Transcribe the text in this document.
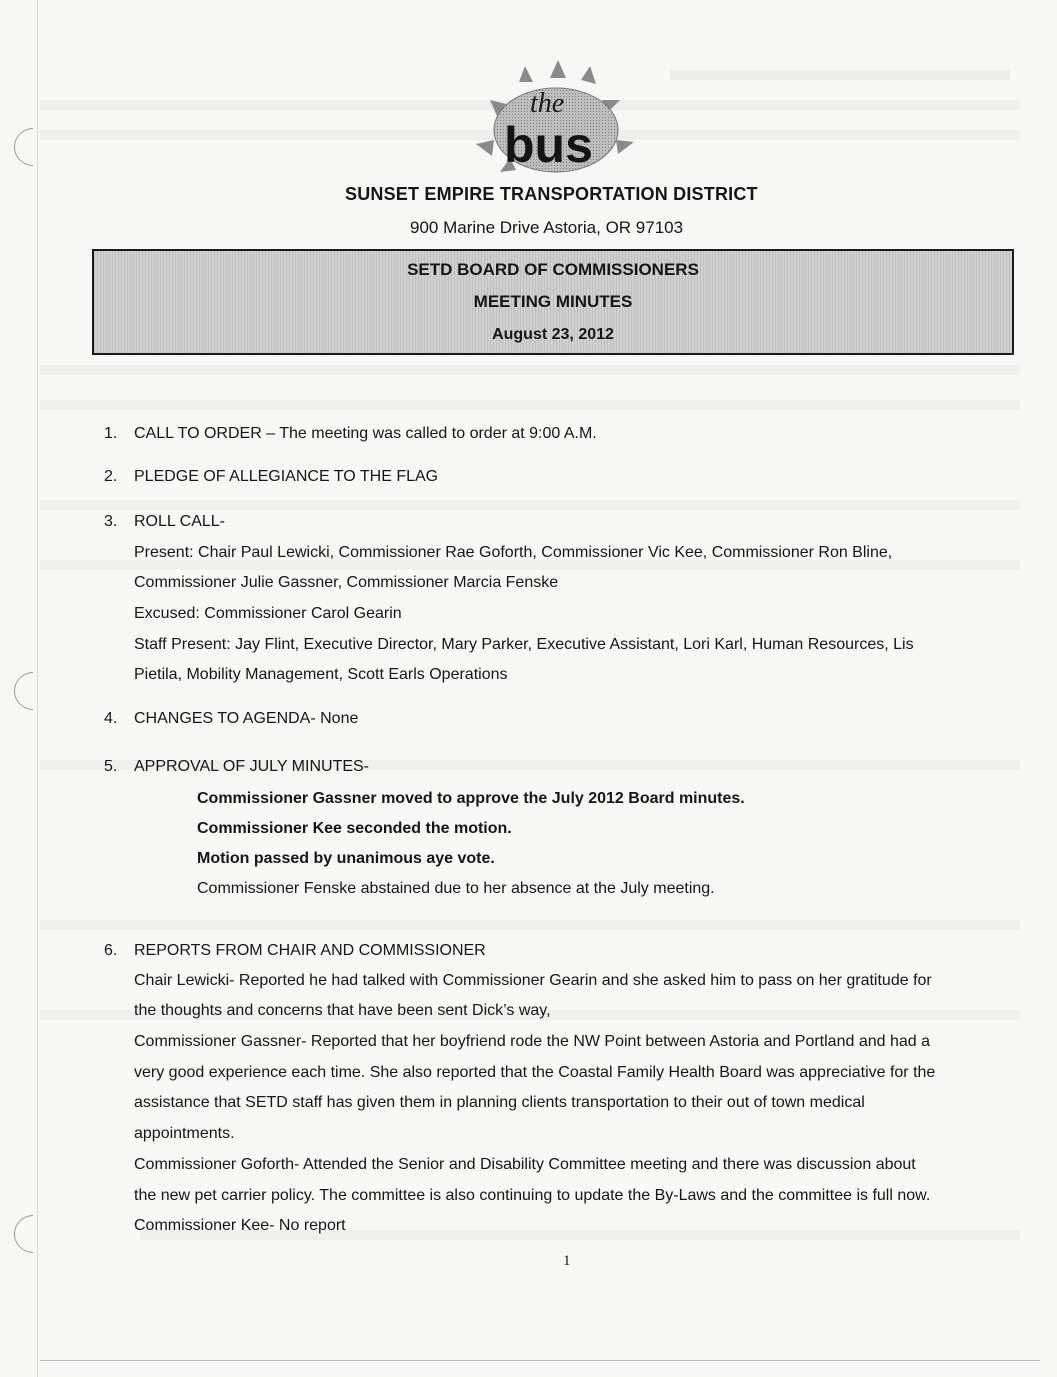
the
bus
SUNSET EMPIRE TRANSPORTATION DISTRICT
900 Marine Drive Astoria, OR 97103
SETD BOARD OF COMMISSIONERS
MEETING MINUTES
August 23, 2012
1. CALL TO ORDER – The meeting was called to order at 9:00 A.M.
2. PLEDGE OF ALLEGIANCE TO THE FLAG
3. ROLL CALL-
Present: Chair Paul Lewicki, Commissioner Rae Goforth, Commissioner Vic Kee, Commissioner Ron Bline,
Commissioner Julie Gassner, Commissioner Marcia Fenske
Excused: Commissioner Carol Gearin
Staff Present: Jay Flint, Executive Director, Mary Parker, Executive Assistant, Lori Karl, Human Resources, Lis
Pietila, Mobility Management, Scott Earls Operations
4. CHANGES TO AGENDA- None
5. APPROVAL OF JULY MINUTES-
Commissioner Gassner moved to approve the July 2012 Board minutes.
Commissioner Kee seconded the motion.
Motion passed by unanimous aye vote.
Commissioner Fenske abstained due to her absence at the July meeting.
6. REPORTS FROM CHAIR AND COMMISSIONER
Chair Lewicki- Reported he had talked with Commissioner Gearin and she asked him to pass on her gratitude for
the thoughts and concerns that have been sent Dick’s way,
Commissioner Gassner- Reported that her boyfriend rode the NW Point between Astoria and Portland and had a
very good experience each time. She also reported that the Coastal Family Health Board was appreciative for the
assistance that SETD staff has given them in planning clients transportation to their out of town medical
appointments.
Commissioner Goforth- Attended the Senior and Disability Committee meeting and there was discussion about
the new pet carrier policy. The committee is also continuing to update the By-Laws and the committee is full now.
Commissioner Kee- No report
1
